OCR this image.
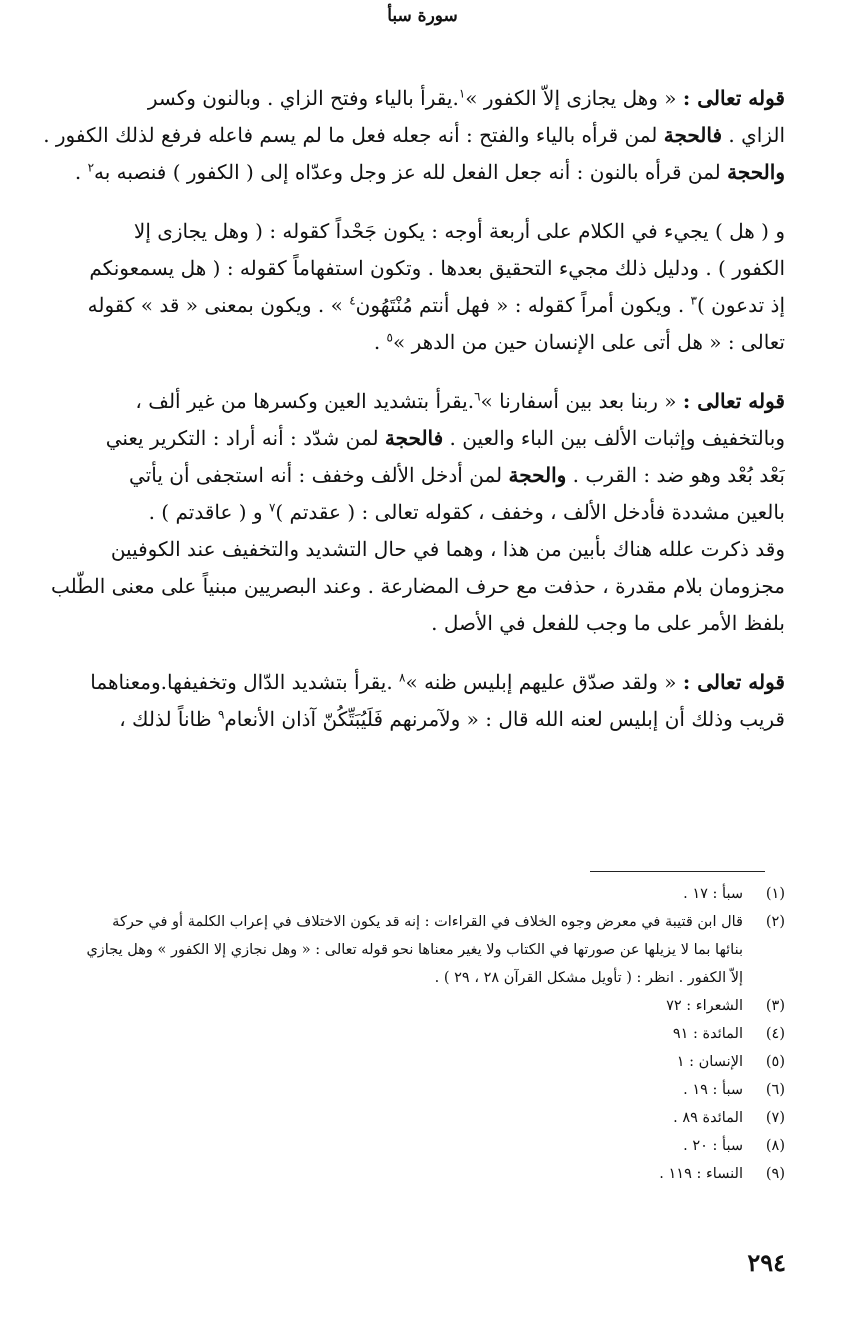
سورة سبأ
قوله تعالى : « وهل يجازى إلاّ الكفور »$^١$.يقرأ بالياء وفتح الزاي . وبالنون وكسر
الزاي . فالحجة لمن قرأه بالياء والفتح : أنه جعله فعل ما لم يسم فاعله فرفع لذلك الكفور .
والحجة لمن قرأه بالنون : أنه جعل الفعل لله عز وجل وعدّاه إلى ( الكفور ) فنصبه به$^٢$ .
و ( هل ) يجيء في الكلام على أربعة أوجه : يكون جَحْداً كقوله : ( وهل يجازى إلا
الكفور ) . ودليل ذلك مجيء التحقيق بعدها . وتكون استفهاماً كقوله : ( هل يسمعونكم
إذ تدعون )$^٣$ . ويكون أمراً كقوله : « فهل أنتم مُنْتَهُون$^٤$ » . ويكون بمعنى « قد » كقوله
تعالى : « هل أتى على الإنسان حين من الدهر »$^٥$ .
قوله تعالى : « ربنا بعد بين أسفارنا »$^٦$.يقرأ بتشديد العين وكسرها من غير ألف ،
وبالتخفيف وإثبات الألف بين الباء والعين . فالحجة لمن شدّد : أنه أراد : التكرير يعني
بَعْد بُعْد وهو ضد : القرب . والحجة لمن أدخل الألف وخفف : أنه استجفى أن يأتي
بالعين مشددة فأدخل الألف ، وخفف ، كقوله تعالى : ( عقدتم )$^٧$ و ( عاقدتم ) .
وقد ذكرت علله هناك بأبين من هذا ، وهما في حال التشديد والتخفيف عند الكوفيين
مجزومان بلام مقدرة ، حذفت مع حرف المضارعة . وعند البصريين مبنياً على معنى الطّلب
بلفظ الأمر على ما وجب للفعل في الأصل .
قوله تعالى : « ولقد صدّق عليهم إبليس ظنه »$^٨$ .يقرأ بتشديد الدّال وتخفيفها.ومعناهما
قريب وذلك أن إبليس لعنه الله قال : « ولآمرنهم فَلَيُبَتِّكُنّ آذان الأنعام$^٩$ ظاناً لذلك ،
(١)
سبأ : ١٧ .
(٢)
قال ابن قتيبة في معرض وجوه الخلاف في القراءات : إنه قد يكون الاختلاف في إعراب الكلمة أو في حركة
بنائها بما لا يزيلها عن صورتها في الكتاب ولا يغير معناها نحو قوله تعالى : « وهل نجازي إلا الكفور » وهل يجازي
إلاّ الكفور . انظر : ( تأويل مشكل القرآن ٢٨ ، ٢٩ ) .
(٣)
الشعراء : ٧٢
(٤)
المائدة : ٩١
(٥)
الإنسان : ١
(٦)
سبأ : ١٩ .
(٧)
المائدة ٨٩ .
(٨)
سبأ : ٢٠ .
(٩)
النساء : ١١٩ .
٢٩٤
